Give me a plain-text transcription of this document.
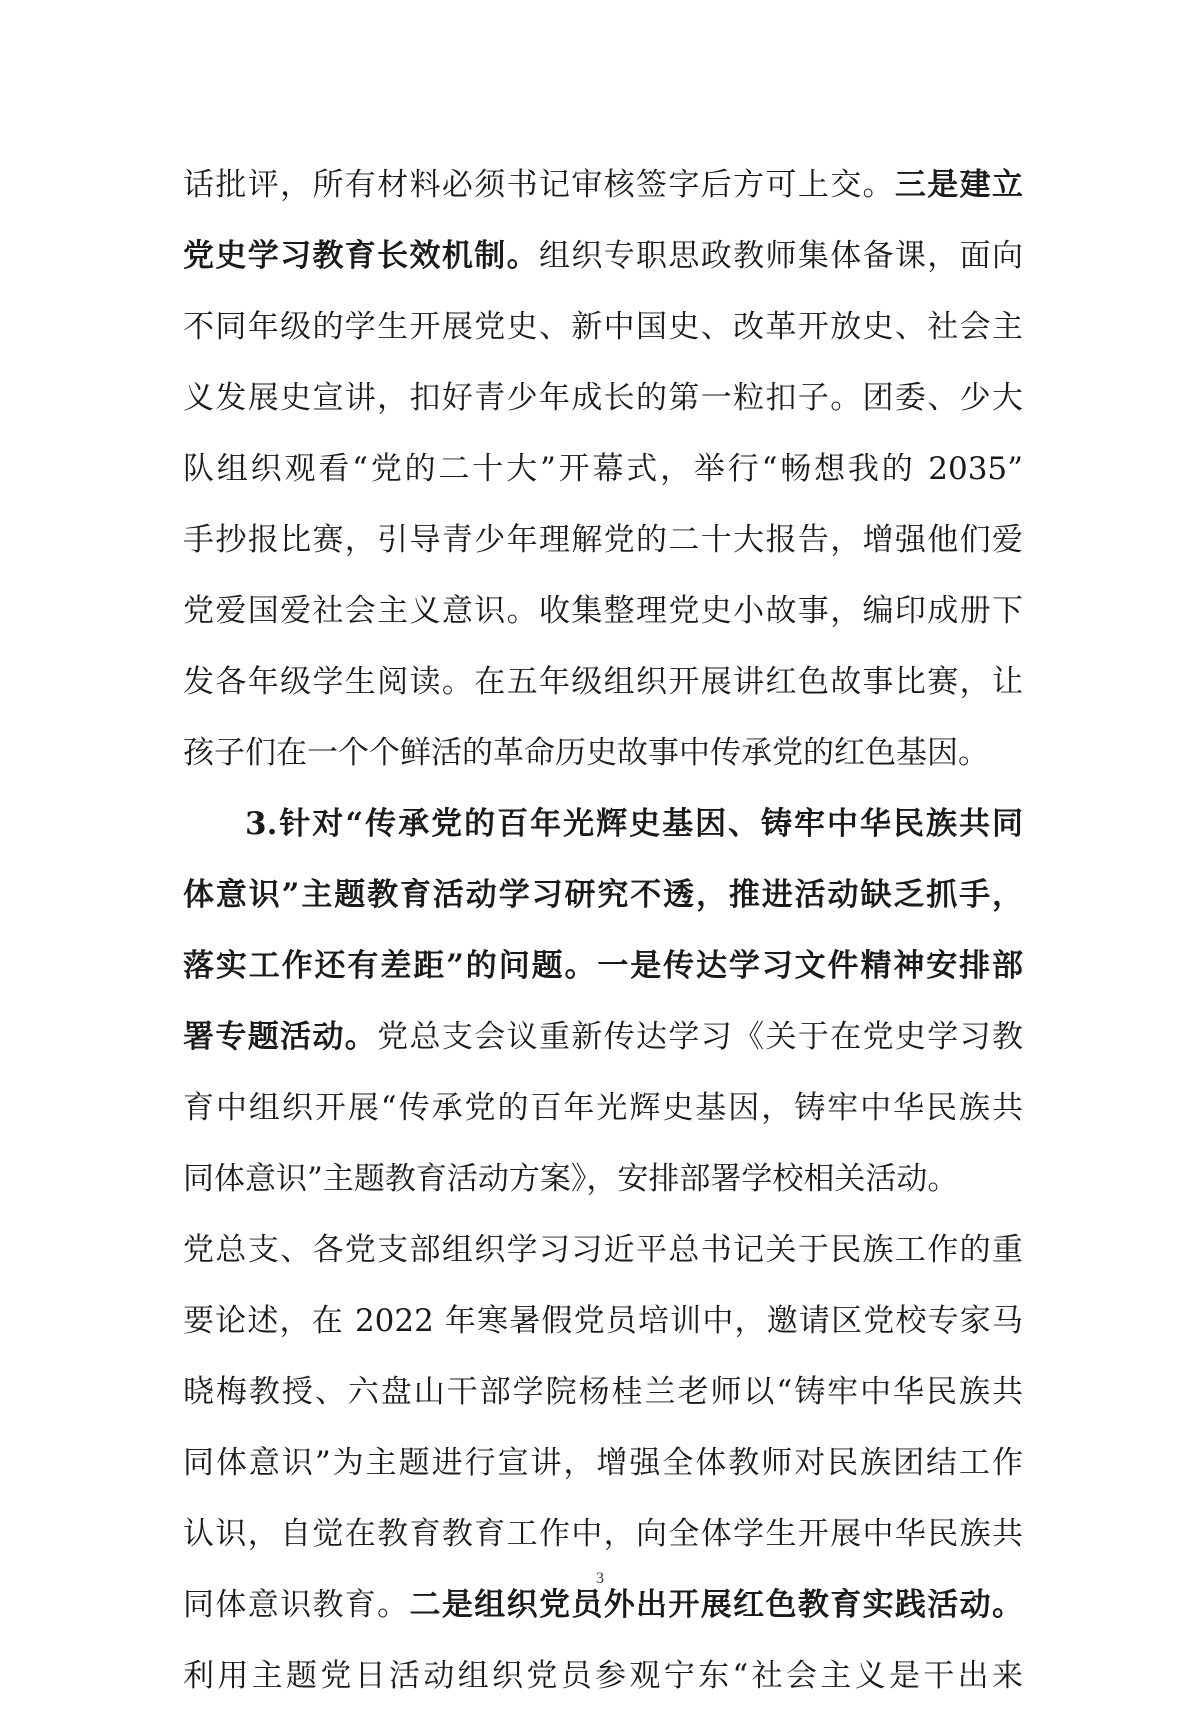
话批评，所有材料必须书记审核签字后方可上交。三是建立
党史学习教育长效机制。组织专职思政教师集体备课，面向
不同年级的学生开展党史、新中国史、改革开放史、社会主
义发展史宣讲，扣好青少年成长的第一粒扣子。团委、少大
队组织观看“党的二十大”开幕式，举行“畅想我的 2035”
手抄报比赛，引导青少年理解党的二十大报告，增强他们爱
党爱国爱社会主义意识。收集整理党史小故事，编印成册下
发各年级学生阅读。在五年级组织开展讲红色故事比赛，让
孩子们在一个个鲜活的革命历史故事中传承党的红色基因。
3.针对“传承党的百年光辉史基因、铸牢中华民族共同
体意识”主题教育活动学习研究不透，推进活动缺乏抓手，
落实工作还有差距”的问题。一是传达学习文件精神安排部
署专题活动。党总支会议重新传达学习《关于在党史学习教
育中组织开展“传承党的百年光辉史基因，铸牢中华民族共
同体意识”主题教育活动方案》，安排部署学校相关活动。
党总支、各党支部组织学习习近平总书记关于民族工作的重
要论述，在 2022 年寒暑假党员培训中，邀请区党校专家马
晓梅教授、六盘山干部学院杨桂兰老师以“铸牢中华民族共
同体意识”为主题进行宣讲，增强全体教师对民族团结工作
认识，自觉在教育教育工作中，向全体学生开展中华民族共
同体意识教育。二是组织党员外出开展红色教育实践活动。
利用主题党日活动组织党员参观宁东“社会主义是干出来
3
